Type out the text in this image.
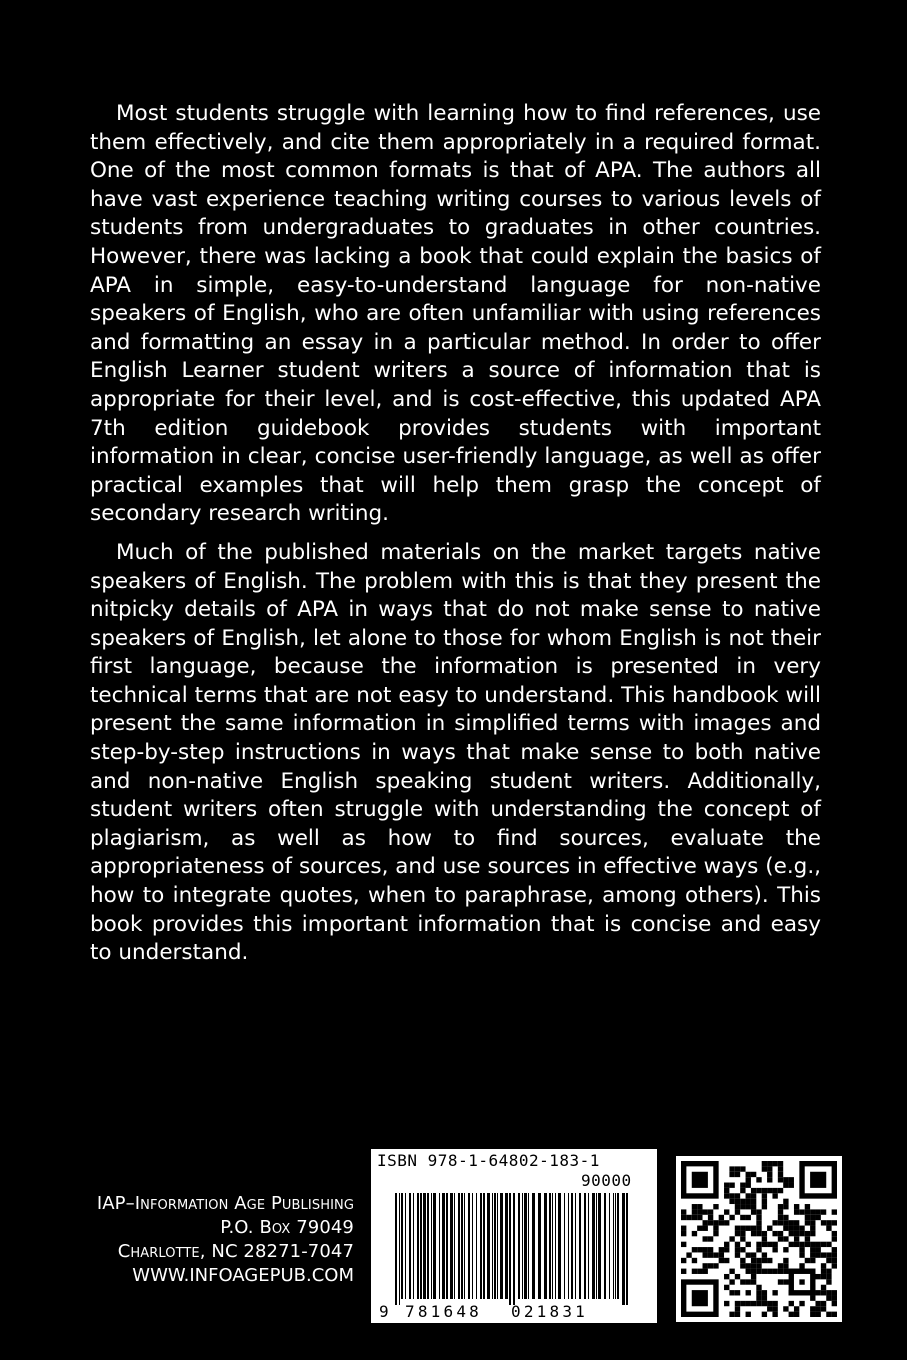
Most students struggle with learning how to find references, use them effectively, and cite them appropriately in a required format. One of the most common formats is that of APA. The authors all have vast experience teaching writing courses to various levels of students from undergraduates to graduates in other countries. However, there was lacking a book that could explain the basics of APA in simple, easy-to-understand language for non-native speakers of English, who are often unfamiliar with using references and formatting an essay in a particular method. In order to offer English Learner student writers a source of information that is appropriate for their level, and is cost-effective, this updated APA 7th edition guidebook provides students with important information in clear, concise user-friendly language, as well as offer practical examples that will help them grasp the concept of secondary research writing.

Much of the published materials on the market targets native speakers of English. The problem with this is that they present the nitpicky details of APA in ways that do not make sense to native speakers of English, let alone to those for whom English is not their first language, because the information is presented in very technical terms that are not easy to understand. This handbook will present the same information in simplified terms with images and step-by-step instructions in ways that make sense to both native and non-native English speaking student writers. Additionally, student writers often struggle with understanding the concept of plagiarism, as well as how to find sources, evaluate the appropriateness of sources, and use sources in effective ways (e.g., how to integrate quotes, when to paraphrase, among others). This book provides this important information that is concise and easy to understand.

IAP–Information Age Publishing
P.O. Box 79049
Charlotte, NC 28271-7047
WWW.INFOAGEPUB.COM
ISBN 978-1-64802-183-1
90000
9 781648 021831
